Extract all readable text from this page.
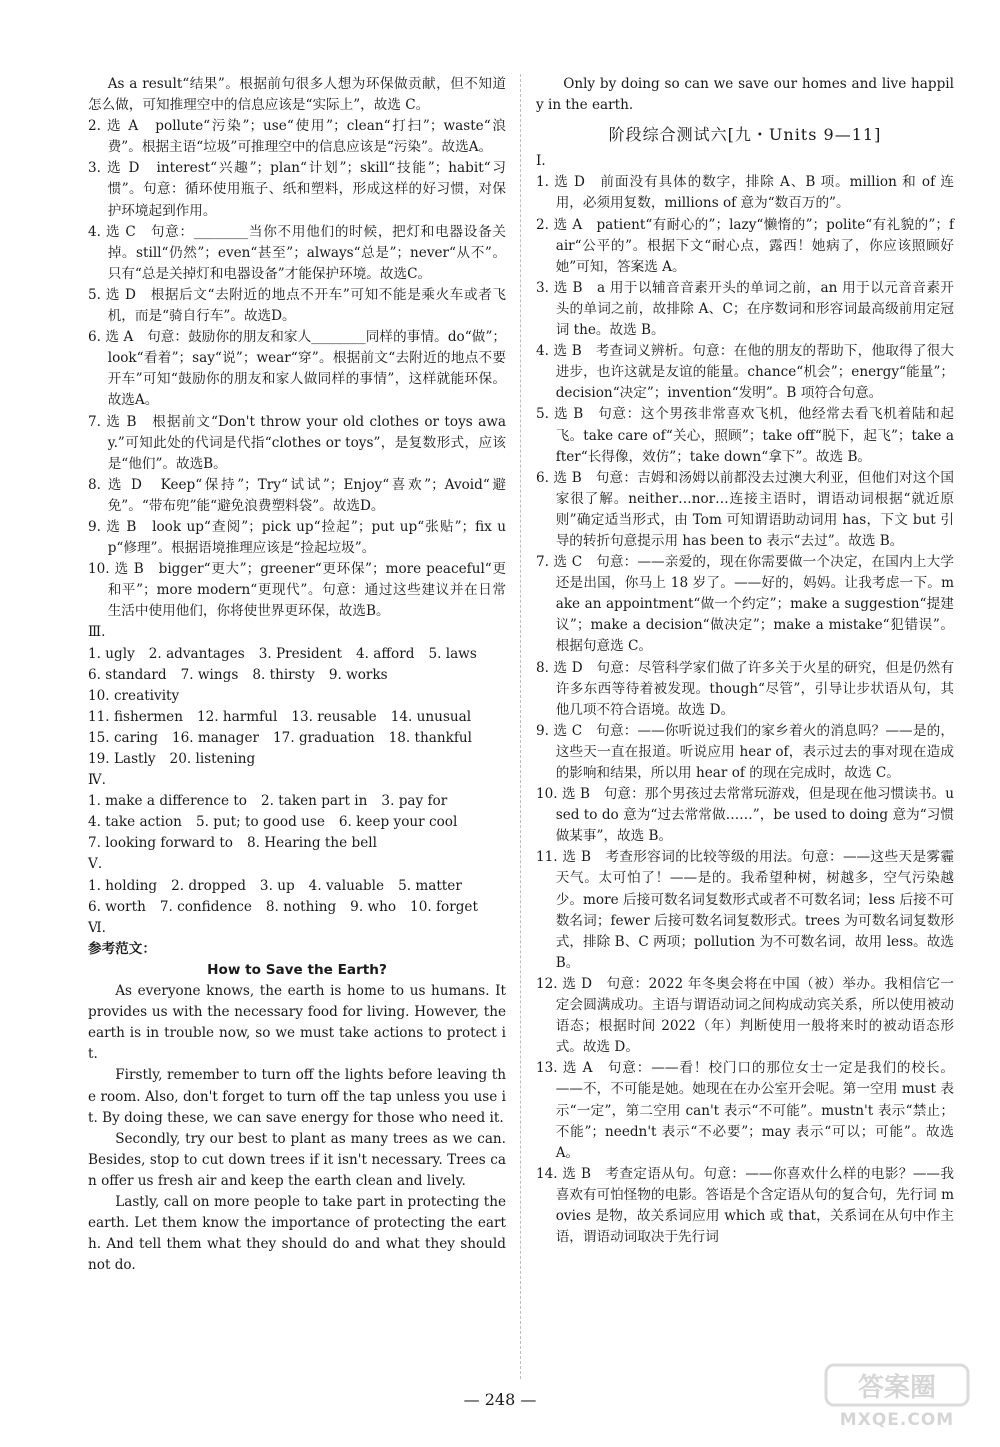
As a result“结果”。根据前句很多人想为环保做贡献，但不知道怎么做，可知推理空中的信息应该是“实际上”，故选 C。

2. 选 A　pollute“污染”；use“使用”；clean“打扫”；waste“浪费”。根据主语“垃圾”可推理空中的信息应该是“污染”。故选A。

3. 选 D　interest“兴趣”；plan“计划”；skill“技能”；habit“习惯”。句意：循环使用瓶子、纸和塑料，形成这样的好习惯，对保护环境起到作用。

4. 选 C　句意：________当你不用他们的时候，把灯和电器设备关掉。still“仍然”；even“甚至”；always“总是”；never“从不”。只有“总是关掉灯和电器设备”才能保护环境。故选C。

5. 选 D　根据后文“去附近的地点不开车”可知不能是乘火车或者飞机，而是“骑自行车”。故选D。

6. 选 A　句意：鼓励你的朋友和家人________同样的事情。do“做”；look“看着”；say“说”；wear“穿”。根据前文“去附近的地点不要开车”可知“鼓励你的朋友和家人做同样的事情”，这样就能环保。故选A。

7. 选 B　根据前文“Don't throw your old clothes or toys away.”可知此处的代词是代指“clothes or toys”，是复数形式，应该是“他们”。故选B。

8. 选 D　Keep“保持”；Try“试试”；Enjoy“喜欢”；Avoid“避免”。“带布兜”能“避免浪费塑料袋”。故选D。

9. 选 B　look up“查阅”；pick up“捡起”；put up“张贴”；fix up“修理”。根据语境推理应该是“捡起垃圾”。

10. 选 B　bigger“更大”；greener“更环保”；more peaceful“更和平”；more modern“更现代”。句意：通过这些建议并在日常生活中使用他们，你将使世界更环保，故选B。

Ⅲ.

1. ugly 2. advantages 3. President 4. afford 5. laws
6. standard 7. wings 8. thirsty 9. works
10. creativity
11. fishermen 12. harmful 13. reusable 14. unusual
15. caring 16. manager 17. graduation 18. thankful
19. Lastly 20. listening

Ⅳ.

1. make a difference to 2. taken part in 3. pay for
4. take action 5. put; to good use 6. keep your cool
7. looking forward to 8. Hearing the bell

Ⅴ.

1. holding 2. dropped 3. up 4. valuable 5. matter
6. worth 7. confidence 8. nothing 9. who 10. forget

Ⅵ.

参考范文：

How to Save the Earth?

As everyone knows, the earth is home to us humans. It provides us with the necessary food for living. However, the earth is in trouble now, so we must take actions to protect it.

Firstly, remember to turn off the lights before leaving the room. Also, don't forget to turn off the tap unless you use it. By doing these, we can save energy for those who need it.

Secondly, try our best to plant as many trees as we can. Besides, stop to cut down trees if it isn't necessary. Trees can offer us fresh air and keep the earth clean and lively.

Lastly, call on more people to take part in protecting the earth. Let them know the importance of protecting the earth. And tell them what they should do and what they should not do.

Only by doing so can we save our homes and live happily in the earth.

阶段综合测试六[九・Units 9—11]

Ⅰ.

1. 选 D　前面没有具体的数字，排除 A、B 项。million 和 of 连用，必须用复数，millions of 意为“数百万的”。

2. 选 A　patient“有耐心的”；lazy“懒惰的”；polite“有礼貌的”；fair“公平的”。根据下文“耐心点，露西！她病了，你应该照顾好她”可知，答案选 A。

3. 选 B　a 用于以辅音音素开头的单词之前，an 用于以元音音素开头的单词之前，故排除 A、C；在序数词和形容词最高级前用定冠词 the。故选 B。

4. 选 B　考查词义辨析。句意：在他的朋友的帮助下，他取得了很大进步，也许这就是友谊的能量。chance“机会”；energy“能量”；decision“决定”；invention“发明”。B 项符合句意。

5. 选 B　句意：这个男孩非常喜欢飞机，他经常去看飞机着陆和起飞。take care of“关心，照顾”；take off“脱下，起飞”；take after“长得像，效仿”；take down“拿下”。故选 B。

6. 选 B　句意：吉姆和汤姆以前都没去过澳大利亚，但他们对这个国家很了解。neither…nor…连接主语时，谓语动词根据“就近原则”确定适当形式，由 Tom 可知谓语助动词用 has，下文 but 引导的转折句意提示用 has been to 表示“去过”。故选 B。

7. 选 C　句意：——亲爱的，现在你需要做一个决定，在国内上大学还是出国，你马上 18 岁了。——好的，妈妈。让我考虑一下。make an appointment“做一个约定”；make a suggestion“提建议”；make a decision“做决定”；make a mistake“犯错误”。根据句意选 C。

8. 选 D　句意：尽管科学家们做了许多关于火星的研究，但是仍然有许多东西等待着被发现。though“尽管”，引导让步状语从句，其他几项不符合语境。故选 D。

9. 选 C　句意：——你听说过我们的家乡着火的消息吗？——是的，这些天一直在报道。听说应用 hear of，表示过去的事对现在造成的影响和结果，所以用 hear of 的现在完成时，故选 C。

10. 选 B　句意：那个男孩过去常常玩游戏，但是现在他习惯读书。used to do 意为“过去常常做……”，be used to doing 意为“习惯做某事”，故选 B。

11. 选 B　考查形容词的比较等级的用法。句意：——这些天是雾霾天气。太可怕了！——是的。我希望种树，树越多，空气污染越少。more 后接可数名词复数形式或者不可数名词；less 后接不可数名词；fewer 后接可数名词复数形式。trees 为可数名词复数形式，排除 B、C 两项；pollution 为不可数名词，故用 less。故选 B。

12. 选 D　句意：2022 年冬奥会将在中国（被）举办。我相信它一定会圆满成功。主语与谓语动词之间构成动宾关系，所以使用被动语态；根据时间 2022（年）判断使用一般将来时的被动语态形式。故选 D。

13. 选 A　句意：——看！校门口的那位女士一定是我们的校长。——不，不可能是她。她现在在办公室开会呢。第一空用 must 表示“一定”，第二空用 can't 表示“不可能”。mustn't 表示“禁止；不能”；needn't 表示“不必要”；may 表示“可以；可能”。故选 A。

14. 选 B　考查定语从句。句意：——你喜欢什么样的电影？——我喜欢有可怕怪物的电影。答语是个含定语从句的复合句，先行词 movies 是物，故关系词应用 which 或 that，关系词在从句中作主语，谓语动词取决于先行词

— 248 —	答案圈
MXQE.COM
